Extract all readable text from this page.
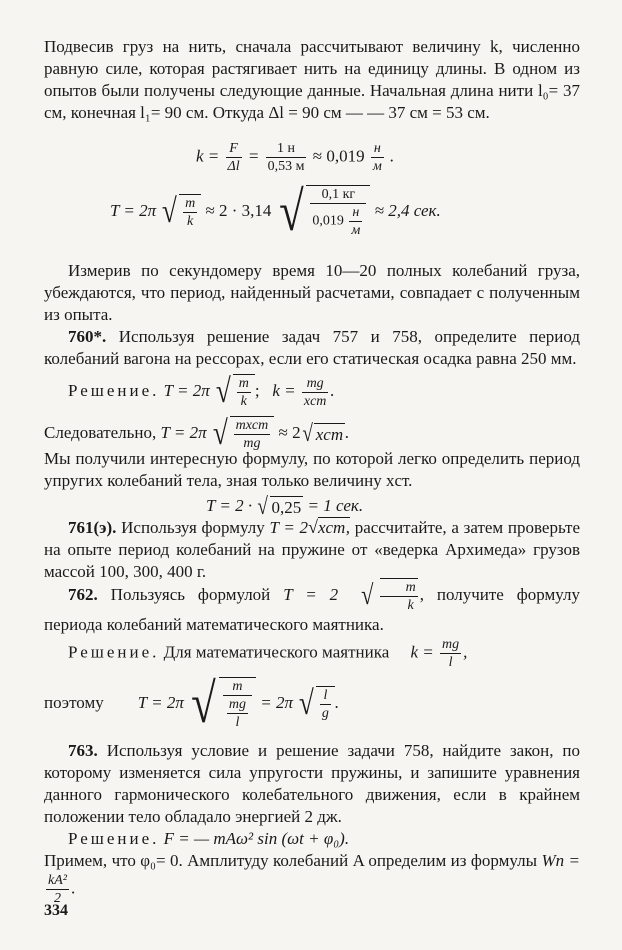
Подвесив груз на нить, сначала рассчитывают величину k, численно равную силе, которая растягивает нить на единицу длины. В одном из опытов были получены следующие данные. Начальная длина нити l₀= 37 см, конечная l₁= 90 см. Откуда Δl = 90 см — — 37 см = 53 см.

$k = \frac{F}{\Delta l} = \frac{1 н}{0,53 м} \approx 0,019 \frac{н}{м}$ .
T = 2π √ $\frac{m}{k} \approx 2 \cdot 3,14$ √ $\frac{0,1 кг}{0,019 \frac{н}{м}} \approx 2,4$ сек.

Измерив по секундомеру время 10—20 полных колебаний груза, убеждаются, что период, найденный расчетами, совпадает с полученным из опыта.

760*. Используя решение задач 757 и 758, определите период колебаний вагона на рессорах, если его статическая осадка равна 250 мм.

Решение. T = 2π √ $\frac{m}{k}$ ; $k = \frac{mg}{\text{xст}}$ .
Следовательно, T = 2π √ $\frac{\text{mxст}}{mg} \approx 2√$ xст .

Мы получили интересную формулу, по которой легко определить период упругих колебаний тела, зная только величину xст.

T = 2 · √ 0,25 = 1 сек.

761(э). Используя формулу T = 2√xст, рассчитайте, а затем проверьте на опыте период колебаний на пружине от «ведерка Архимеда» грузов массой 100, 300, 400 г.

762. Пользуясь формулой T = 2 √ $\frac{m}{k}$ , получите формулу периода колебаний математического маятника.

Решение. Для математического маятника $k = \frac{mg}{l}$ ,
поэтому T = 2π √ $\frac{m}{\frac{mg}{l}} = 2\pi$ √ $\frac{l}{g}$ .

763. Используя условие и решение задачи 758, найдите закон, по которому изменяется сила упругости пружины, и запишите уравнения данного гармонического колебательного движения, если в крайнем положении тело обладало энергией 2 дж.

Решение. F = — mAω² sin (ωt + φ₀).

Примем, что φ₀= 0. Амплитуду колебаний A определим из формулы Wп =
$\frac{\text{kA²}}{2}$ .

334
